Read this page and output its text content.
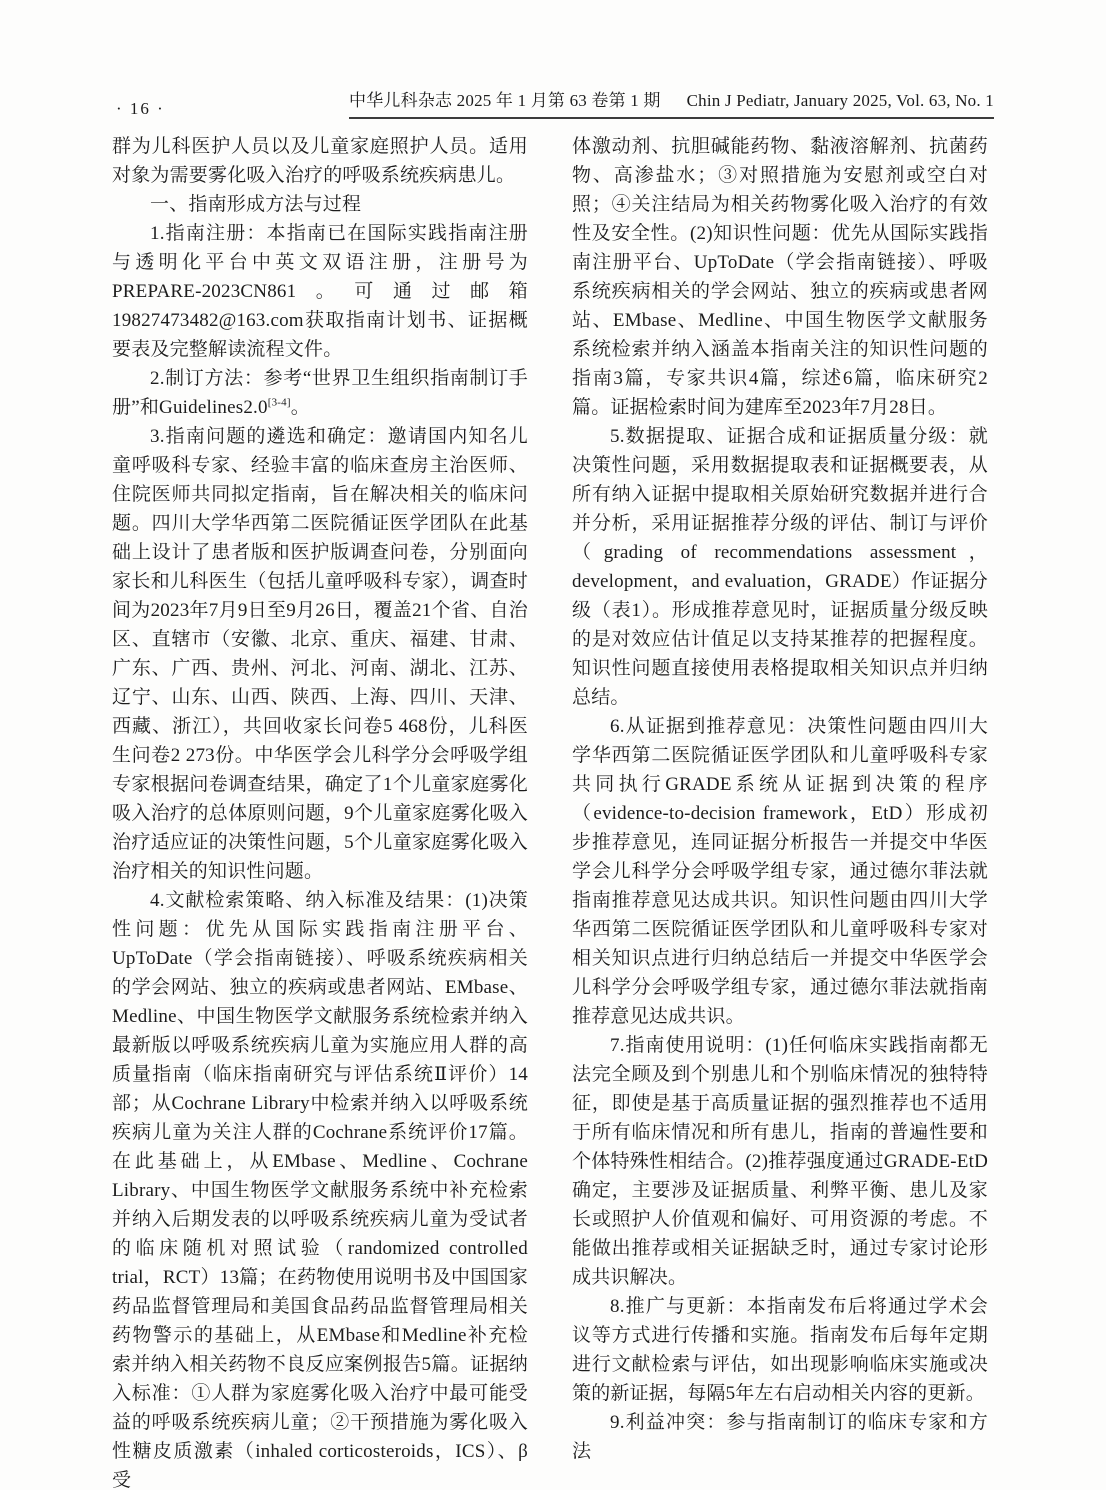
· 16 ·	中华儿科杂志 2025 年 1 月第 63 卷第 1 期 Chin J Pediatr, January 2025, Vol. 63, No. 1

群为儿科医护人员以及儿童家庭照护人员。适用对象为需要雾化吸入治疗的呼吸系统疾病患儿。

一、指南形成方法与过程

1.指南注册：本指南已在国际实践指南注册与透明化平台中英文双语注册，注册号为PREPARE-2023CN861。可通过邮箱19827473482@163.com获取指南计划书、证据概要表及完整解读流程文件。

2.制订方法：参考“世界卫生组织指南制订手册”和Guidelines2.0[3-4]。

3.指南问题的遴选和确定：邀请国内知名儿童呼吸科专家、经验丰富的临床查房主治医师、住院医师共同拟定指南，旨在解决相关的临床问题。四川大学华西第二医院循证医学团队在此基础上设计了患者版和医护版调查问卷，分别面向家长和儿科医生（包括儿童呼吸科专家），调查时间为2023年7月9日至9月26日，覆盖21个省、自治区、直辖市（安徽、北京、重庆、福建、甘肃、广东、广西、贵州、河北、河南、湖北、江苏、辽宁、山东、山西、陕西、上海、四川、天津、西藏、浙江），共回收家长问卷5 468份，儿科医生问卷2 273份。中华医学会儿科学分会呼吸学组专家根据问卷调查结果，确定了1个儿童家庭雾化吸入治疗的总体原则问题，9个儿童家庭雾化吸入治疗适应证的决策性问题，5个儿童家庭雾化吸入治疗相关的知识性问题。

4.文献检索策略、纳入标准及结果：(1)决策性问题：优先从国际实践指南注册平台、UpToDate（学会指南链接）、呼吸系统疾病相关的学会网站、独立的疾病或患者网站、EMbase、Medline、中国生物医学文献服务系统检索并纳入最新版以呼吸系统疾病儿童为实施应用人群的高质量指南（临床指南研究与评估系统Ⅱ评价）14部；从Cochrane Library中检索并纳入以呼吸系统疾病儿童为关注人群的Cochrane系统评价17篇。在此基础上，从EMbase、Medline、Cochrane Library、中国生物医学文献服务系统中补充检索并纳入后期发表的以呼吸系统疾病儿童为受试者的临床随机对照试验（randomized controlled trial，RCT）13篇；在药物使用说明书及中国国家药品监督管理局和美国食品药品监督管理局相关药物警示的基础上，从EMbase和Medline补充检索并纳入相关药物不良反应案例报告5篇。证据纳入标准：①人群为家庭雾化吸入治疗中最可能受益的呼吸系统疾病儿童；②干预措施为雾化吸入性糖皮质激素（inhaled corticosteroids，ICS）、β受

体激动剂、抗胆碱能药物、黏液溶解剂、抗菌药物、高渗盐水；③对照措施为安慰剂或空白对照；④关注结局为相关药物雾化吸入治疗的有效性及安全性。(2)知识性问题：优先从国际实践指南注册平台、UpToDate（学会指南链接）、呼吸系统疾病相关的学会网站、独立的疾病或患者网站、EMbase、Medline、中国生物医学文献服务系统检索并纳入涵盖本指南关注的知识性问题的指南3篇，专家共识4篇，综述6篇，临床研究2篇。证据检索时间为建库至2023年7月28日。

5.数据提取、证据合成和证据质量分级：就决策性问题，采用数据提取表和证据概要表，从所有纳入证据中提取相关原始研究数据并进行合并分析，采用证据推荐分级的评估、制订与评价（grading of recommendations assessment，development，and evaluation，GRADE）作证据分级（表1）。形成推荐意见时，证据质量分级反映的是对效应估计值足以支持某推荐的把握程度。知识性问题直接使用表格提取相关知识点并归纳总结。

6.从证据到推荐意见：决策性问题由四川大学华西第二医院循证医学团队和儿童呼吸科专家共同执行GRADE系统从证据到决策的程序（evidence-to-decision framework，EtD）形成初步推荐意见，连同证据分析报告一并提交中华医学会儿科学分会呼吸学组专家，通过德尔菲法就指南推荐意见达成共识。知识性问题由四川大学华西第二医院循证医学团队和儿童呼吸科专家对相关知识点进行归纳总结后一并提交中华医学会儿科学分会呼吸学组专家，通过德尔菲法就指南推荐意见达成共识。

7.指南使用说明：(1)任何临床实践指南都无法完全顾及到个别患儿和个别临床情况的独特特征，即使是基于高质量证据的强烈推荐也不适用于所有临床情况和所有患儿，指南的普遍性要和个体特殊性相结合。(2)推荐强度通过GRADE-EtD确定，主要涉及证据质量、利弊平衡、患儿及家长或照护人价值观和偏好、可用资源的考虑。不能做出推荐或相关证据缺乏时，通过专家讨论形成共识解决。

8.推广与更新：本指南发布后将通过学术会议等方式进行传播和实施。指南发布后每年定期进行文献检索与评估，如出现影响临床实施或决策的新证据，每隔5年左右启动相关内容的更新。

9.利益冲突：参与指南制订的临床专家和方法
